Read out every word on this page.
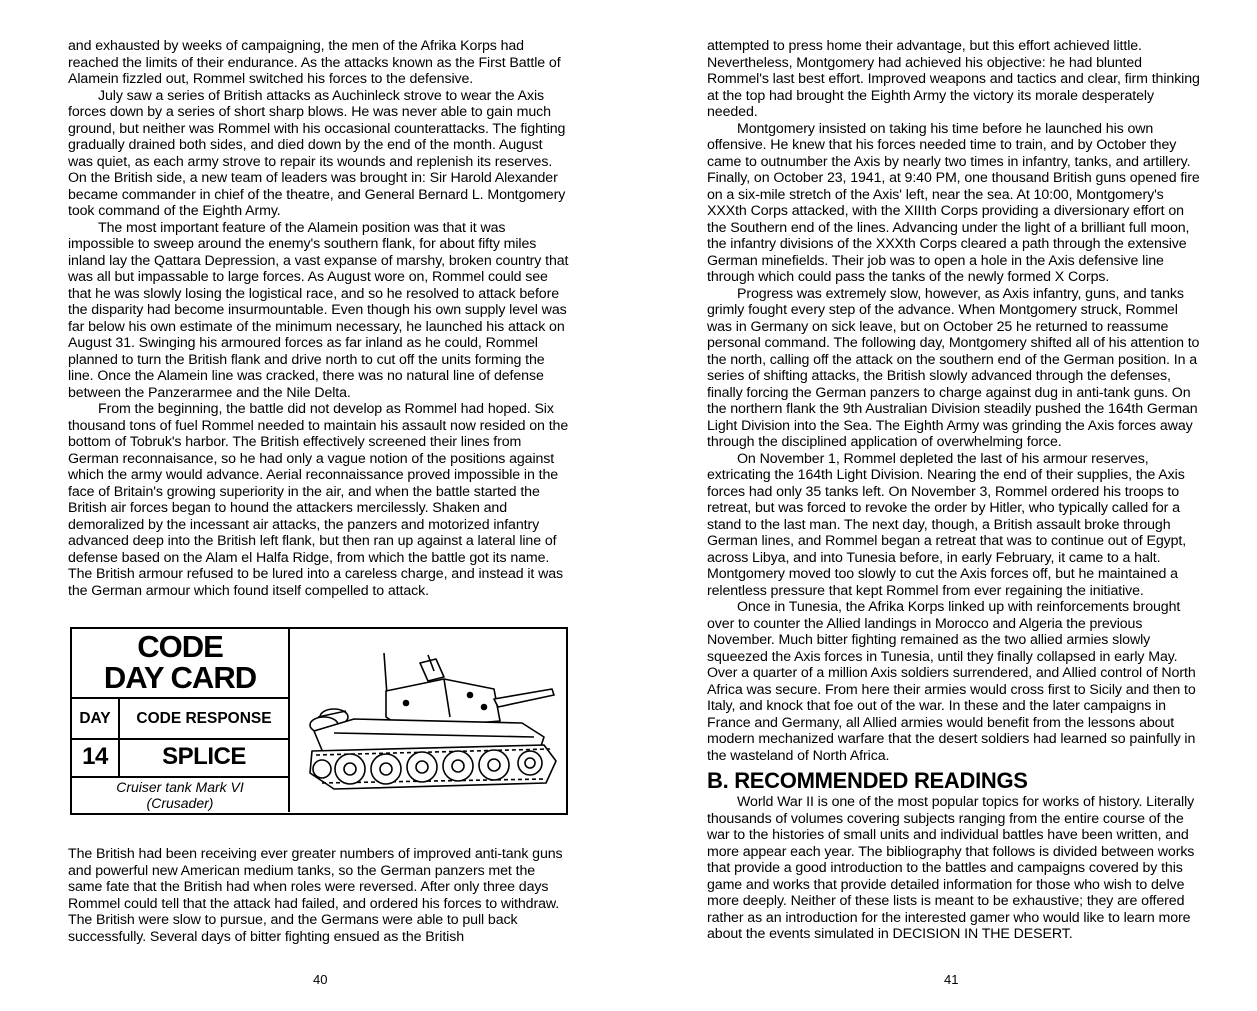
and exhausted by weeks of campaigning, the men of the Afrika Korps had reached the limits of their endurance. As the attacks known as the First Battle of Alamein fizzled out, Rommel switched his forces to the defensive.

July saw a series of British attacks as Auchinleck strove to wear the Axis forces down by a series of short sharp blows. He was never able to gain much ground, but neither was Rommel with his occasional counterattacks. The fighting gradually drained both sides, and died down by the end of the month. August was quiet, as each army strove to repair its wounds and replenish its reserves. On the British side, a new team of leaders was brought in: Sir Harold Alexander became commander in chief of the theatre, and General Bernard L. Montgomery took command of the Eighth Army.

The most important feature of the Alamein position was that it was impossible to sweep around the enemy's southern flank, for about fifty miles inland lay the Qattara Depression, a vast expanse of marshy, broken country that was all but impassable to large forces. As August wore on, Rommel could see that he was slowly losing the logistical race, and so he resolved to attack before the disparity had become insurmountable. Even though his own supply level was far below his own estimate of the minimum necessary, he launched his attack on August 31. Swinging his armoured forces as far inland as he could, Rommel planned to turn the British flank and drive north to cut off the units forming the line. Once the Alamein line was cracked, there was no natural line of defense between the Panzerarmee and the Nile Delta.

From the beginning, the battle did not develop as Rommel had hoped. Six thousand tons of fuel Rommel needed to maintain his assault now resided on the bottom of Tobruk's harbor. The British effectively screened their lines from German reconnaisance, so he had only a vague notion of the positions against which the army would advance. Aerial reconnaissance proved impossible in the face of Britain's growing superiority in the air, and when the battle started the British air forces began to hound the attackers mercilessly. Shaken and demoralized by the incessant air attacks, the panzers and motorized infantry advanced deep into the British left flank, but then ran up against a lateral line of defense based on the Alam el Halfa Ridge, from which the battle got its name. The British armour refused to be lured into a careless charge, and instead it was the German armour which found itself compelled to attack.

CODE
DAY CARD
DAY	CODE RESPONSE
14	SPLICE
Cruiser tank Mark VI
(Crusader)

The British had been receiving ever greater numbers of improved anti-tank guns and powerful new American medium tanks, so the German panzers met the same fate that the British had when roles were reversed. After only three days Rommel could tell that the attack had failed, and ordered his forces to withdraw. The British were slow to pursue, and the Germans were able to pull back successfully. Several days of bitter fighting ensued as the British

40

attempted to press home their advantage, but this effort achieved little. Nevertheless, Montgomery had achieved his objective: he had blunted Rommel's last best effort. Improved weapons and tactics and clear, firm thinking at the top had brought the Eighth Army the victory its morale desperately needed.

Montgomery insisted on taking his time before he launched his own offensive. He knew that his forces needed time to train, and by October they came to outnumber the Axis by nearly two times in infantry, tanks, and artillery. Finally, on October 23, 1941, at 9:40 PM, one thousand British guns opened fire on a six-mile stretch of the Axis' left, near the sea. At 10:00, Montgomery's XXXth Corps attacked, with the XIIIth Corps providing a diversionary effort on the Southern end of the lines. Advancing under the light of a brilliant full moon, the infantry divisions of the XXXth Corps cleared a path through the extensive German minefields. Their job was to open a hole in the Axis defensive line through which could pass the tanks of the newly formed X Corps.

Progress was extremely slow, however, as Axis infantry, guns, and tanks grimly fought every step of the advance. When Montgomery struck, Rommel was in Germany on sick leave, but on October 25 he returned to reassume personal command. The following day, Montgomery shifted all of his attention to the north, calling off the attack on the southern end of the German position. In a series of shifting attacks, the British slowly advanced through the defenses, finally forcing the German panzers to charge against dug in anti-tank guns. On the northern flank the 9th Australian Division steadily pushed the 164th German Light Division into the Sea. The Eighth Army was grinding the Axis forces away through the disciplined application of overwhelming force.

On November 1, Rommel depleted the last of his armour reserves, extricating the 164th Light Division. Nearing the end of their supplies, the Axis forces had only 35 tanks left. On November 3, Rommel ordered his troops to retreat, but was forced to revoke the order by Hitler, who typically called for a stand to the last man. The next day, though, a British assault broke through German lines, and Rommel began a retreat that was to continue out of Egypt, across Libya, and into Tunesia before, in early February, it came to a halt. Montgomery moved too slowly to cut the Axis forces off, but he maintained a relentless pressure that kept Rommel from ever regaining the initiative.

Once in Tunesia, the Afrika Korps linked up with reinforcements brought over to counter the Allied landings in Morocco and Algeria the previous November. Much bitter fighting remained as the two allied armies slowly squeezed the Axis forces in Tunesia, until they finally collapsed in early May. Over a quarter of a million Axis soldiers surrendered, and Allied control of North Africa was secure. From here their armies would cross first to Sicily and then to Italy, and knock that foe out of the war. In these and the later campaigns in France and Germany, all Allied armies would benefit from the lessons about modern mechanized warfare that the desert soldiers had learned so painfully in the wasteland of North Africa.

B. RECOMMENDED READINGS

World War II is one of the most popular topics for works of history. Literally thousands of volumes covering subjects ranging from the entire course of the war to the histories of small units and individual battles have been written, and more appear each year. The bibliography that follows is divided between works that provide a good introduction to the battles and campaigns covered by this game and works that provide detailed information for those who wish to delve more deeply. Neither of these lists is meant to be exhaustive; they are offered rather as an introduction for the interested gamer who would like to learn more about the events simulated in DECISION IN THE DESERT.

41
